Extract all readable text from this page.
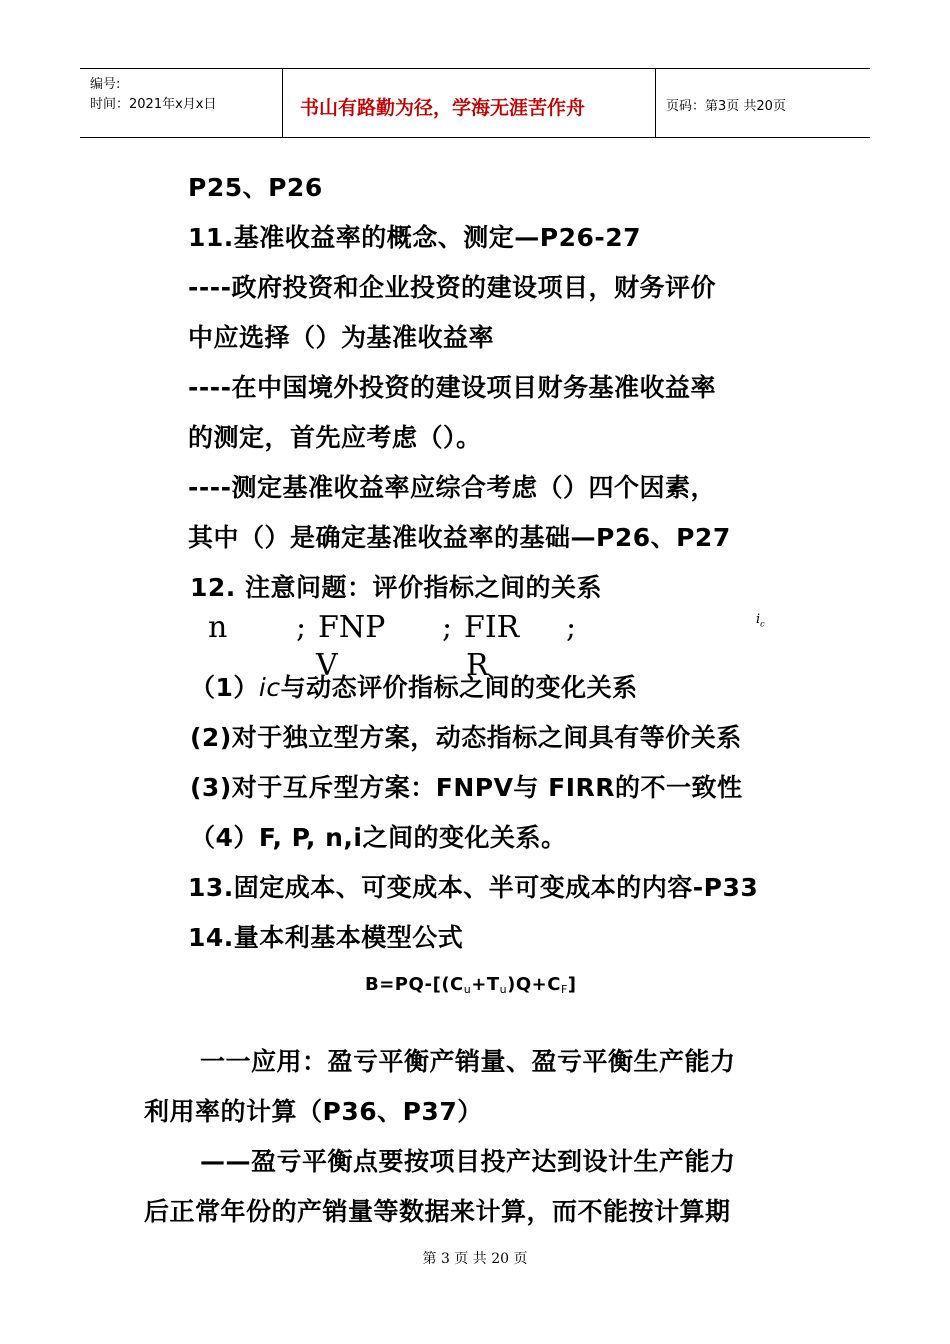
编号:
时间：2021年x月x日	书山有路勤为径，学海无涯苦作舟	页码：第3页 共20页
P25、P26
11.基准收益率的概念、测定—P26-27
----政府投资和企业投资的建设项目，财务评价
中应选择（）为基准收益率
----在中国境外投资的建设项目财务基准收益率
的测定，首先应考虑（）。
----测定基准收益率应综合考虑（）四个因素，
其中（）是确定基准收益率的基础—P26、P27
12. 注意问题：评价指标之间的关系
n ; FNP ; FIR ;
V	R
$i_c$
（1）ic与动态评价指标之间的变化关系
(2)对于独立型方案，动态指标之间具有等价关系
(3)对于互斥型方案：FNPV与 FIRR的不一致性
（4）F, P, n,i之间的变化关系。
13.固定成本、可变成本、半可变成本的内容-P33
14.量本利基本模型公式
$B=PQ-[(C_u+T_u)Q+C_F]$
一一应用：盈亏平衡产销量、盈亏平衡生产能力
利用率的计算（P36、P37）
——盈亏平衡点要按项目投产达到设计生产能力
后正常年份的产销量等数据来计算，而不能按计算期
第 3 页 共 20 页
